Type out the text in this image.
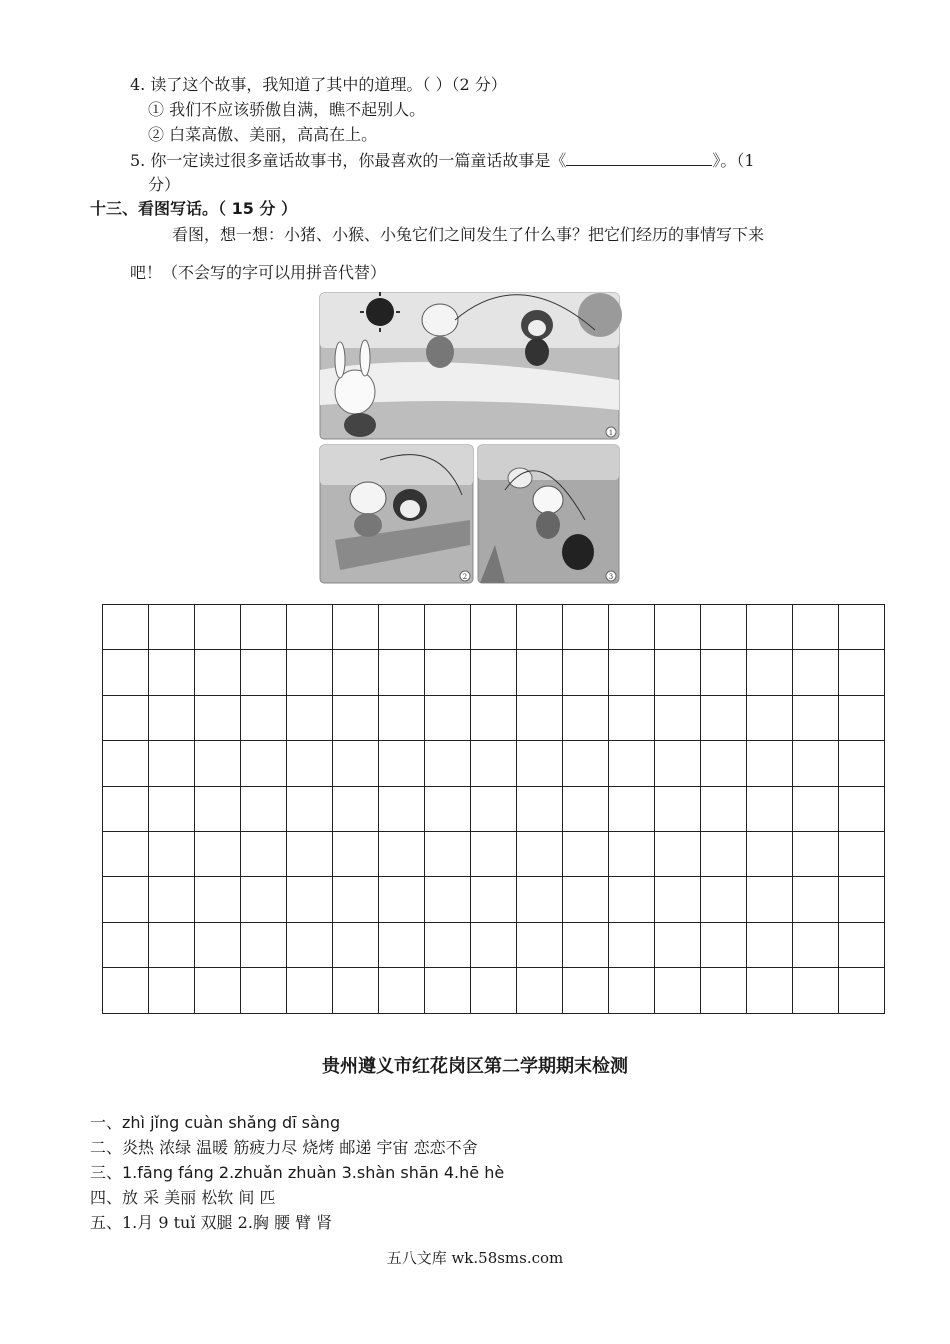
4. 读了这个故事，我知道了其中的道理。（ ）（2 分）
① 我们不应该骄傲自满，瞧不起别人。
② 白菜高傲、美丽，高高在上。
5. 你一定读过很多童话故事书，你最喜欢的一篇童话故事是《	》。（1
分）
十三、看图写话。（ 15 分 ）
看图，想一想：小猪、小猴、小兔它们之间发生了什么事？把它们经历的事情写下来
吧！（不会写的字可以用拼音代替）
1
2	3

贵州遵义市红花岗区第二学期期末检测
一、zhì jǐng cuàn shǎng dī sàng
二、炎热 浓绿 温暖 筋疲力尽 烧烤 邮递 宇宙 恋恋不舍
三、1.fāng fáng 2.zhuǎn zhuàn 3.shàn shān 4.hē hè
四、放 采 美丽 松软 间 匹
五、1.月 9 tuǐ 双腿 2.胸 腰 臂 肾
五八文库 wk.58sms.com
